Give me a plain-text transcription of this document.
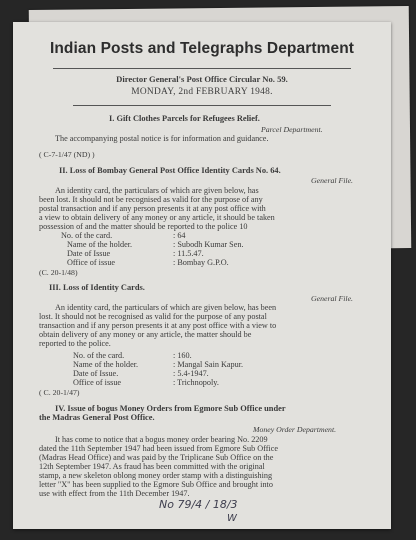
Indian Posts and Telegraphs Department
Director General's Post Office Circular No. 59.
MONDAY, 2nd FEBRUARY 1948.
I. Gift Clothes Parcels for Refugees Relief.
Parcel Department.
The accompanying postal notice is for information and guidance.
( C-7-1/47 (ND) )
II. Loss of Bombay General Post Office Identity Cards No. 64.
General File.
An identity card, the particulars of which are given below, has
been lost. It should not be recognised as valid for the purpose of any
postal transaction and if any person presents it at any post office with
a view to obtain delivery of any money or any article, it should be taken
possession of and the matter should be reported to the police 10
No. of the card.	: 64
Name of the holder.	: Subodh Kumar Sen.
Date of Issue	: 11.5.47.
Office of issue	: Bombay G.P.O.
(C. 20-1/48)
III. Loss of Identity Cards.
General File.
An identity card, the particulars of which are given below, has been
lost. It should not be recognised as valid for the purpose of any postal
transaction and if any person presents it at any post office with a view to
obtain delivery of any money or any article, the matter should be
reported to the police.
No. of the card.	: 160.
Name of the holder.	: Mangal Sain Kapur.
Date of Issue.	: 5.4-1947.
Office of issue	: Trichnopoly.
( C. 20-1/47)
IV. Issue of bogus Money Orders from Egmore Sub Office under
the Madras General Post Office.
Money Order Department.
It has come to notice that a bogus money order bearing No. 2209
dated the 11th September 1947 had been issued from Egmore Sub Office
(Madras Head Office) and was paid by the Triplicane Sub Office on the
12th September 1947. As fraud has been committed with the original
stamp, a new skeleton oblong money order stamp with a distinguishing
letter "X" has been supplied to the Egmore Sub Office and brought into
use with effect from the 11th December 1947.
No 79/4 / 18/3
W
